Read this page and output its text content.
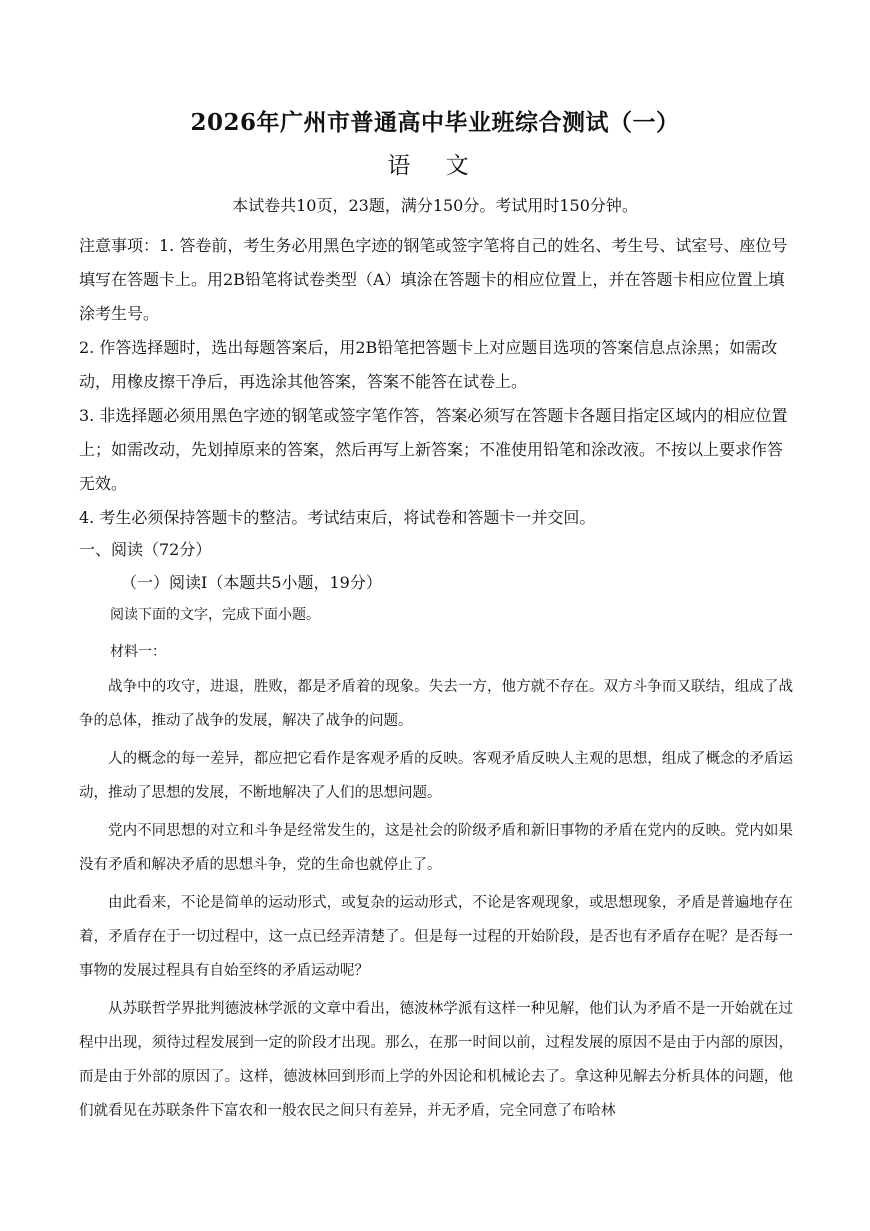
2026年广州市普通高中毕业班综合测试（一）
语 文
本试卷共10页，23题，满分150分。考试用时150分钟。

注意事项：1. 答卷前，考生务必用黑色字迹的钢笔或签字笔将自己的姓名、考生号、试室号、座位号填写在答题卡上。用2B铅笔将试卷类型（A）填涂在答题卡的相应位置上，并在答题卡相应位置上填涂考生号。

2. 作答选择题时，选出每题答案后，用2B铅笔把答题卡上对应题目选项的答案信息点涂黑；如需改动，用橡皮擦干净后，再选涂其他答案，答案不能答在试卷上。

3. 非选择题必须用黑色字迹的钢笔或签字笔作答，答案必须写在答题卡各题目指定区域内的相应位置上；如需改动，先划掉原来的答案，然后再写上新答案；不准使用铅笔和涂改液。不按以上要求作答无效。

4. 考生必须保持答题卡的整洁。考试结束后，将试卷和答题卡一并交回。

一、阅读（72分）
（一）阅读Ⅰ（本题共5小题，19分）
阅读下面的文字，完成下面小题。
材料一：

战争中的攻守，进退，胜败，都是矛盾着的现象。失去一方，他方就不存在。双方斗争而又联结，组成了战争的总体，推动了战争的发展，解决了战争的问题。

人的概念的每一差异，都应把它看作是客观矛盾的反映。客观矛盾反映人主观的思想，组成了概念的矛盾运动，推动了思想的发展，不断地解决了人们的思想问题。

党内不同思想的对立和斗争是经常发生的，这是社会的阶级矛盾和新旧事物的矛盾在党内的反映。党内如果没有矛盾和解决矛盾的思想斗争，党的生命也就停止了。

由此看来，不论是简单的运动形式，或复杂的运动形式，不论是客观现象，或思想现象，矛盾是普遍地存在着，矛盾存在于一切过程中，这一点已经弄清楚了。但是每一过程的开始阶段，是否也有矛盾存在呢？是否每一事物的发展过程具有自始至终的矛盾运动呢？

从苏联哲学界批判德波林学派的文章中看出，德波林学派有这样一种见解，他们认为矛盾不是一开始就在过程中出现，须待过程发展到一定的阶段才出现。那么，在那一时间以前，过程发展的原因不是由于内部的原因，而是由于外部的原因了。这样，德波林回到形而上学的外因论和机械论去了。拿这种见解去分析具体的问题，他们就看见在苏联条件下富农和一般农民之间只有差异，并无矛盾，完全同意了布哈林
